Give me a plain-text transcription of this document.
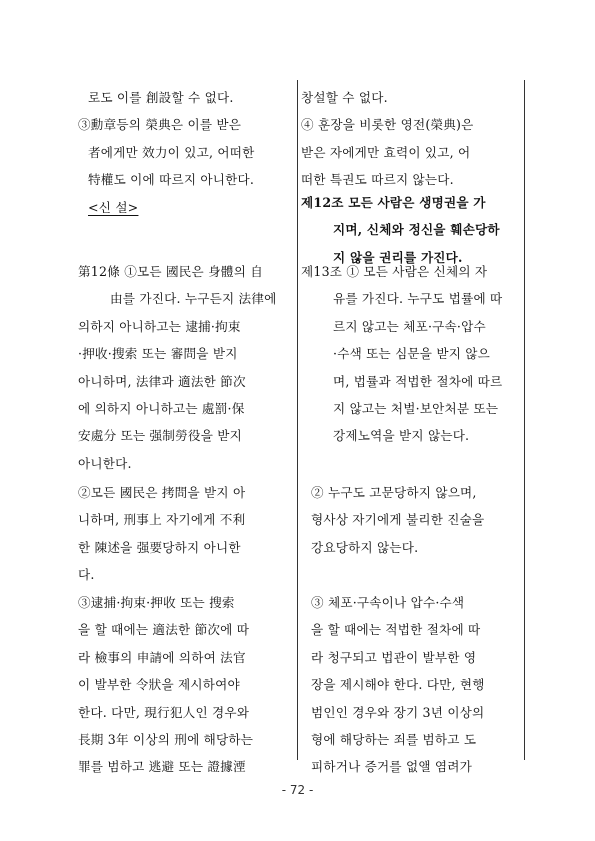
로도 이를 創設할 수 없다.
③勳章등의 榮典은 이를 받은
者에게만 效力이 있고, 어떠한
特權도 이에 따르지 아니한다.
<신 설>
第12條 ①모든 國民은 身體의 自
由를 가진다. 누구든지 法律에
의하지 아니하고는 逮捕·拘束
·押收·搜索 또는 審問을 받지
아니하며, 法律과 適法한 節次
에 의하지 아니하고는 處罰·保
安處分 또는 强制勞役을 받지
아니한다.
②모든 國民은 拷問을 받지 아
니하며, 刑事上 자기에게 不利
한 陳述을 强要당하지 아니한
다.
③逮捕·拘束·押收 또는 搜索
을 할 때에는 適法한 節次에 따
라 檢事의 申請에 의하여 法官
이 발부한 令狀을 제시하여야
한다. 다만, 現行犯人인 경우와
長期 3年 이상의 刑에 해당하는
罪를 범하고 逃避 또는 證據湮
창설할 수 없다.
④ 훈장을 비롯한 영전(榮典)은
받은 자에게만 효력이 있고, 어
떠한 특권도 따르지 않는다.
제12조 모든 사람은 생명권을 가
지며, 신체와 정신을 훼손당하
지 않을 권리를 가진다.
제13조 ① 모든 사람은 신체의 자
유를 가진다. 누구도 법률에 따
르지 않고는 체포·구속·압수
·수색 또는 심문을 받지 않으
며, 법률과 적법한 절차에 따르
지 않고는 처벌·보안처분 또는
강제노역을 받지 않는다.
② 누구도 고문당하지 않으며,
형사상 자기에게 불리한 진술을
강요당하지 않는다.
③ 체포·구속이나 압수·수색
을 할 때에는 적법한 절차에 따
라 청구되고 법관이 발부한 영
장을 제시해야 한다. 다만, 현행
범인인 경우와 장기 3년 이상의
형에 해당하는 죄를 범하고 도
피하거나 증거를 없앨 염려가
- 72 -
